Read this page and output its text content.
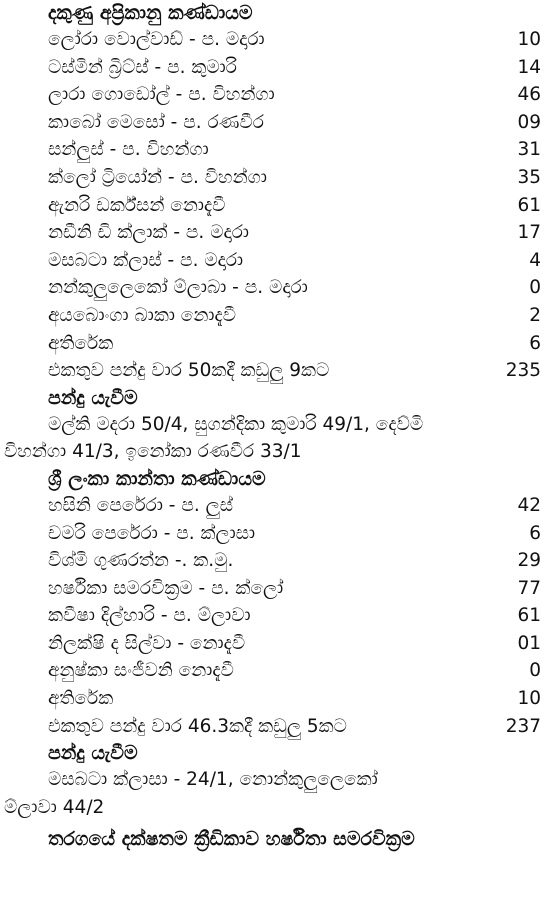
දකුණු අප්‍රිකානු කණ්ඩායම
ලෝරා වොල්වාඩ් - ප. මදාරා	10
ටස්මින් බ්‍රිට්ස් - ප. කුමාරි	14
ලාරා ගොඩෝල් - ප. විහන්ගා	46
කාබෝ මෙසෝ - ප. රණවීර	09
සන්ලුස් - ප. විහන්ගා	31
ක්ලෝ ට්‍රියෝන් - ප. විහන්ගා	35
ඇනරි ඩර්ක්සන් නොදැවී	61
නඩීනි ඩි ක්ලාක් - ප. මදාරා	17
මසබටා ක්ලාස් - ප. මදාරා	4
නන්කුලුලෙකෝ ම්ලාබා - ප. මදාරා	0
අයබොංගා බාකා නොදැවී	2
අතිරේක	6
එකතුව පන්දු වාර 50කදී කඩුලු 9කට	235
පන්දු යැවීම
මල්කි මදරා 50/4, සුගන්දිකා කුමාරි 49/1, දෙව්මි
විහන්ගා 41/3, ඉනෝකා රණවීර 33/1
ශ්‍රී ලංකා කාන්තා කණ්ඩායම
හසිනි පෙරේරා - ප. ලුස්	42
චමරි පෙරේරා - ප. ක්ලාසා	6
විශ්මි ගුණරත්න -. ක.මු.	29
හර්ෂිකා සමරවික්‍රම - ප. ක්ලෝ	77
කවීෂා දිල්හාරි - ප. ම්ලාවා	61
නිලක්ෂි ද සිල්වා - නොදැවී	01
අනුෂ්කා සංජීවනි නොදැවී	0
අතිරේක	10
එකතුව පන්දු වාර 46.3කදී කඩුලු 5කට	237
පන්දු යැවීම
මසබටා ක්ලාසා - 24/1, නොන්කුලුලෙකෝ
ම්ලාවා 44/2
තරගයේ දක්ෂතම ක්‍රීඩිකාව හර්ෂිතා සමරවික්‍රම
